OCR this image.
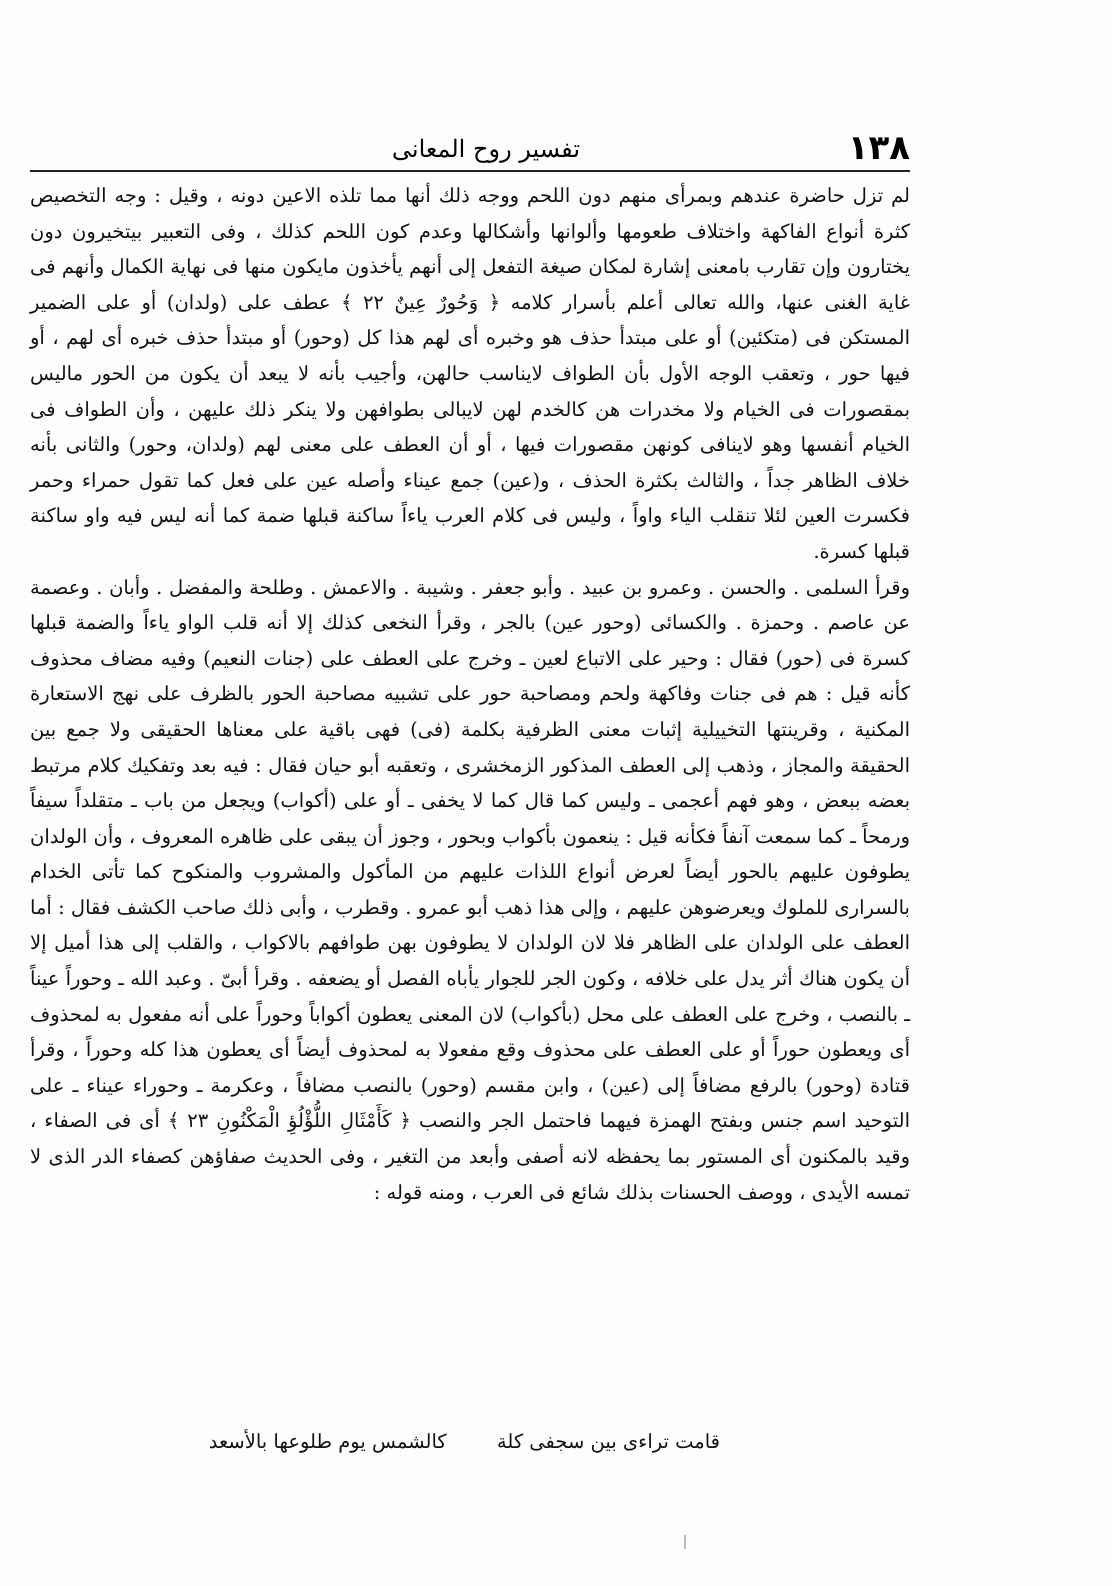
١٣٨
تفسير روح المعانى

لم تزل حاضرة عندهم وبمرأى منهم دون اللحم ووجه ذلك أنها مما تلذه الاعين دونه ، وقيل : وجه التخصيص كثرة أنواع الفاكهة واختلاف طعومها وألوانها وأشكالها وعدم كون اللحم كذلك ، وفى التعبير بيتخيرون دون يختارون وإن تقارب بامعنى إشارة لمكان صيغة التفعل إلى أنهم يأخذون مايكون منها فى نهاية الكمال وأنهم فى غاية الغنى عنها، والله تعالى أعلم بأسرار كلامه ﴿ وَحُورٌ عِينٌ ٢٢ ﴾ عطف على (ولدان) أو على الضمير المستكن فى (متكئين) أو على مبتدأ حذف هو وخبره أى لهم هذا كل (وحور) أو مبتدأ حذف خبره أى لهم ، أو فيها حور ، وتعقب الوجه الأول بأن الطواف لايناسب حالهن، وأجيب بأنه لا يبعد أن يكون من الحور ماليس بمقصورات فى الخيام ولا مخدرات هن كالخدم لهن لايبالى بطوافهن ولا ينكر ذلك عليهن ، وأن الطواف فى الخيام أنفسها وهو لاينافى كونهن مقصورات فيها ، أو أن العطف على معنى لهم (ولدان، وحور) والثانى بأنه خلاف الظاهر جداً ، والثالث بكثرة الحذف ، و(عين) جمع عيناء وأصله عين على فعل كما تقول حمراء وحمر فكسرت العين لئلا تنقلب الياء واواً ، وليس فى كلام العرب ياءاً ساكنة قبلها ضمة كما أنه ليس فيه واو ساكنة قبلها كسرة.

وقرأ السلمى . والحسن . وعمرو بن عبيد . وأبو جعفر . وشيبة . والاعمش . وطلحة والمفضل . وأبان . وعصمة عن عاصم . وحمزة . والكسائى (وحور عين) بالجر ، وقرأ النخعى كذلك إلا أنه قلب الواو ياءاً والضمة قبلها كسرة فى (حور) فقال : وحير على الاتباع لعين ـ وخرج على العطف على (جنات النعيم) وفيه مضاف محذوف كأنه قيل : هم فى جنات وفاكهة ولحم ومصاحبة حور على تشبيه مصاحبة الحور بالظرف على نهج الاستعارة المكنية ، وقرينتها التخييلية إثبات معنى الظرفية بكلمة (فى) فهى باقية على معناها الحقيقى ولا جمع بين الحقيقة والمجاز ، وذهب إلى العطف المذكور الزمخشرى ، وتعقبه أبو حيان فقال : فيه بعد وتفكيك كلام مرتبط بعضه ببعض ، وهو فهم أعجمى ـ وليس كما قال كما لا يخفى ـ أو على (أكواب) ويجعل من باب ـ متقلداً سيفاً ورمحاً ـ كما سمعت آنفاً فكأنه قيل : ينعمون بأكواب وبحور ، وجوز أن يبقى على ظاهره المعروف ، وأن الولدان يطوفون عليهم بالحور أيضاً لعرض أنواع اللذات عليهم من المأكول والمشروب والمنكوح كما تأتى الخدام بالسرارى للملوك ويعرضوهن عليهم ، وإلى هذا ذهب أبو عمرو . وقطرب ، وأبى ذلك صاحب الكشف فقال : أما العطف على الولدان على الظاهر فلا لان الولدان لا يطوفون بهن طوافهم بالاكواب ، والقلب إلى هذا أميل إلا أن يكون هناك أثر يدل على خلافه ، وكون الجر للجوار يأباه الفصل أو يضعفه . وقرأ أبىّ . وعبد الله ـ وحوراً عيناً ـ بالنصب ، وخرج على العطف على محل (بأكواب) لان المعنى يعطون أكواباً وحوراً على أنه مفعول به لمحذوف أى ويعطون حوراً أو على العطف على محذوف وقع مفعولا به لمحذوف أيضاً أى يعطون هذا كله وحوراً ، وقرأ قتادة (وحور) بالرفع مضافاً إلى (عين) ، وابن مقسم (وحور) بالنصب مضافاً ، وعكرمة ـ وحوراء عيناء ـ على التوحيد اسم جنس وبفتح الهمزة فيهما فاحتمل الجر والنصب ﴿ كَأَمْثَالِ اللُّؤْلُؤِ الْمَكْنُونِ ٢٣ ﴾ أى فى الصفاء ، وقيد بالمكنون أى المستور بما يحفظه لانه أصفى وأبعد من التغير ، وفى الحديث صفاؤهن كصفاء الدر الذى لا تمسه الأيدى ، ووصف الحسنات بذلك شائع فى العرب ، ومنه قوله :

قامت تراءى بين سجفى كلة كالشمس يوم طلوعها بالأسعد
